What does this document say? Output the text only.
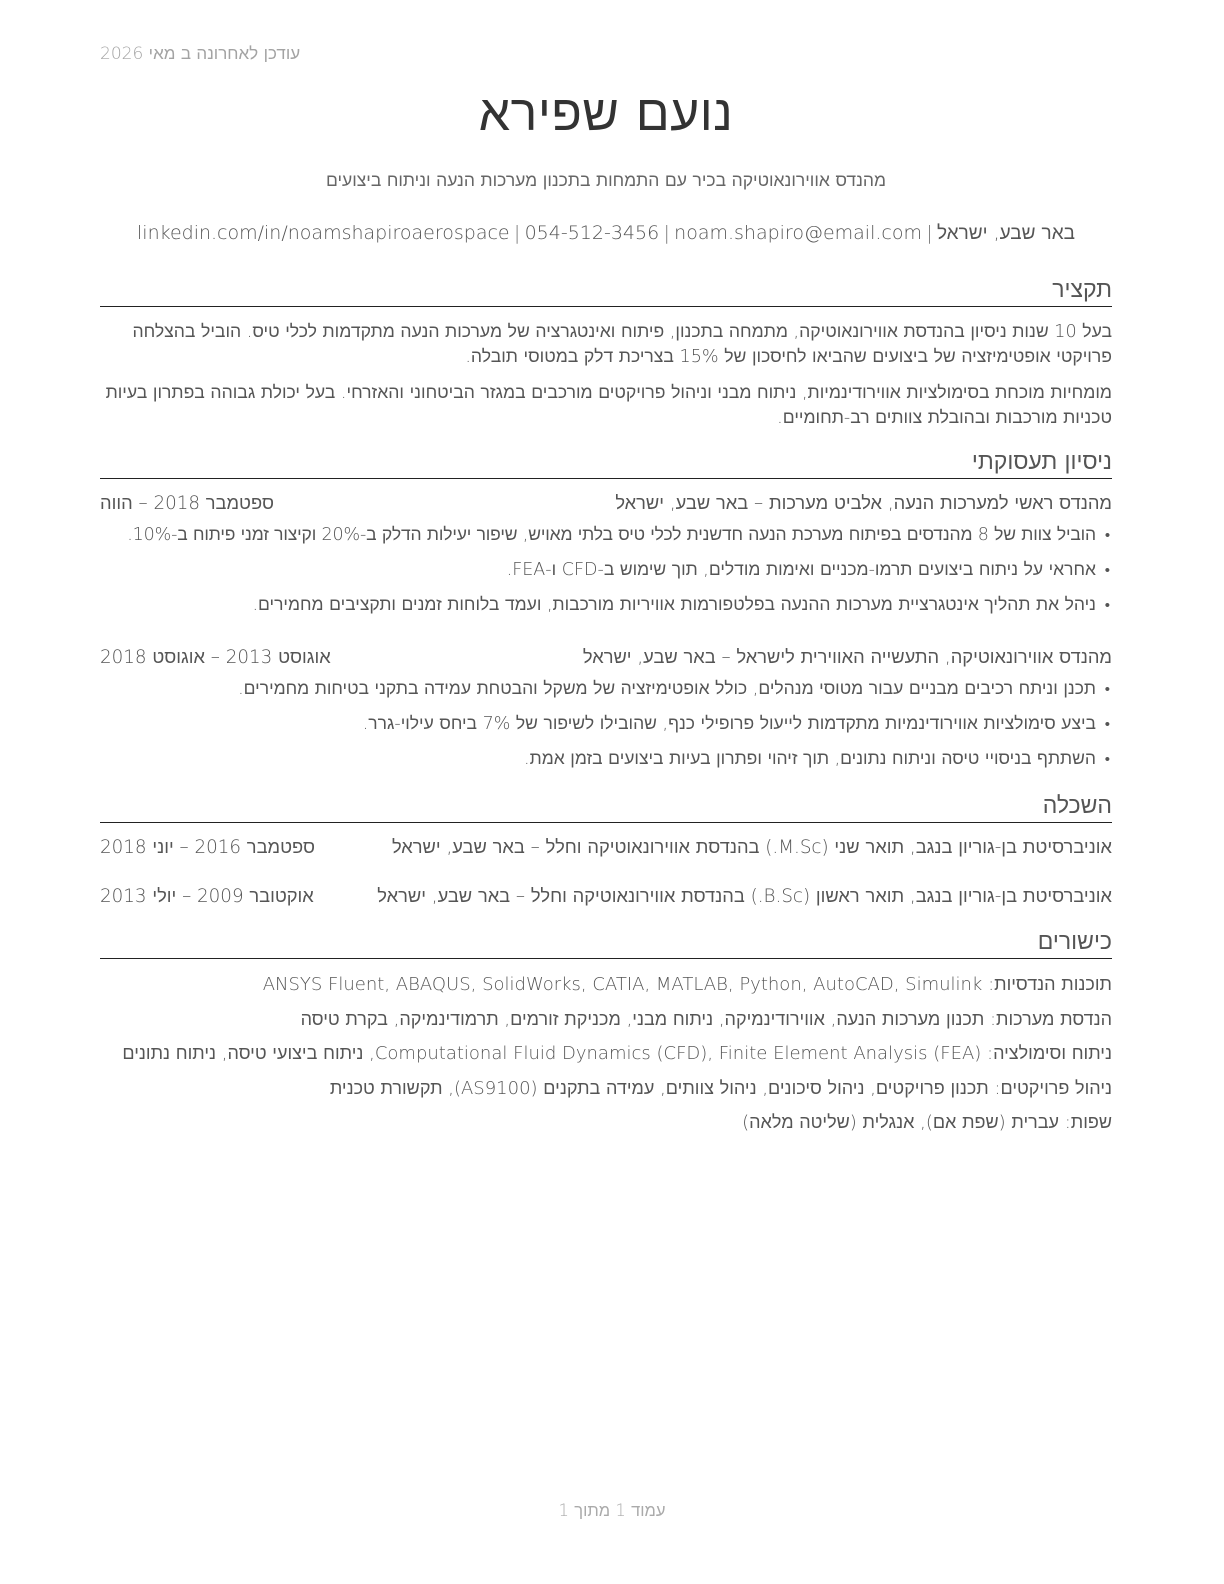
עודכן לאחרונה ב מאי 2026
נועם שפירא
מהנדס אווירונאוטיקה בכיר עם התמחות בתכנון מערכות הנעה וניתוח ביצועים
באר שבע, ישראל
|
noam.shapiro@email.com
|
054-512-3456
|
linkedin.com/in/noamshapiroaerospace
תקציר
בעל 10 שנות ניסיון בהנדסת אווירונאוטיקה, מתמחה בתכנון, פיתוח ואינטגרציה של מערכות הנעה מתקדמות לכלי טיס. הוביל בהצלחה פרויקטי אופטימיזציה של ביצועים שהביאו לחיסכון של 15% בצריכת דלק במטוסי תובלה.
מומחיות מוכחת בסימולציות אווירודינמיות, ניתוח מבני וניהול פרויקטים מורכבים במגזר הביטחוני והאזרחי. בעל יכולת גבוהה בפתרון בעיות טכניות מורכבות ובהובלת צוותים רב-תחומיים.
ניסיון תעסוקתי
מהנדס ראשי למערכות הנעה, אלביט מערכות – באר שבע, ישראל
ספטמבר 2018 – הווה
• הוביל צוות של 8 מהנדסים בפיתוח מערכת הנעה חדשנית לכלי טיס בלתי מאויש, שיפור יעילות הדלק ב-20% וקיצור זמני פיתוח ב-10%.
• אחראי על ניתוח ביצועים תרמו-מכניים ואימות מודלים, תוך שימוש ב-CFD ו-FEA.
• ניהל את תהליך אינטגרציית מערכות ההנעה בפלטפורמות אוויריות מורכבות, ועמד בלוחות זמנים ותקציבים מחמירים.
מהנדס אווירונאוטיקה, התעשייה האווירית לישראל – באר שבע, ישראל
אוגוסט 2013 – אוגוסט 2018
• תכנן וניתח רכיבים מבניים עבור מטוסי מנהלים, כולל אופטימיזציה של משקל והבטחת עמידה בתקני בטיחות מחמירים.
• ביצע סימולציות אווירודינמיות מתקדמות לייעול פרופילי כנף, שהובילו לשיפור של 7% ביחס עילוי-גרר.
• השתתף בניסויי טיסה וניתוח נתונים, תוך זיהוי ופתרון בעיות ביצועים בזמן אמת.
השכלה
אוניברסיטת בן-גוריון בנגב, תואר שני (M.Sc.) בהנדסת אווירונאוטיקה וחלל – באר שבע, ישראל
ספטמבר 2016 – יוני 2018
אוניברסיטת בן-גוריון בנגב, תואר ראשון (B.Sc.) בהנדסת אווירונאוטיקה וחלל – באר שבע, ישראל
אוקטובר 2009 – יולי 2013
כישורים
תוכנות הנדסיות: ANSYS Fluent, ABAQUS, SolidWorks, CATIA, MATLAB, Python, AutoCAD, Simulink
הנדסת מערכות: תכנון מערכות הנעה, אווירודינמיקה, ניתוח מבני, מכניקת זורמים, תרמודינמיקה, בקרת טיסה
ניתוח וסימולציה: Computational Fluid Dynamics (CFD), Finite Element Analysis (FEA), ניתוח ביצועי טיסה, ניתוח נתונים
ניהול פרויקטים: תכנון פרויקטים, ניהול סיכונים, ניהול צוותים, עמידה בתקנים (AS9100), תקשורת טכנית
שפות: עברית (שפת אם), אנגלית (שליטה מלאה)
עמוד 1 מתוך 1
